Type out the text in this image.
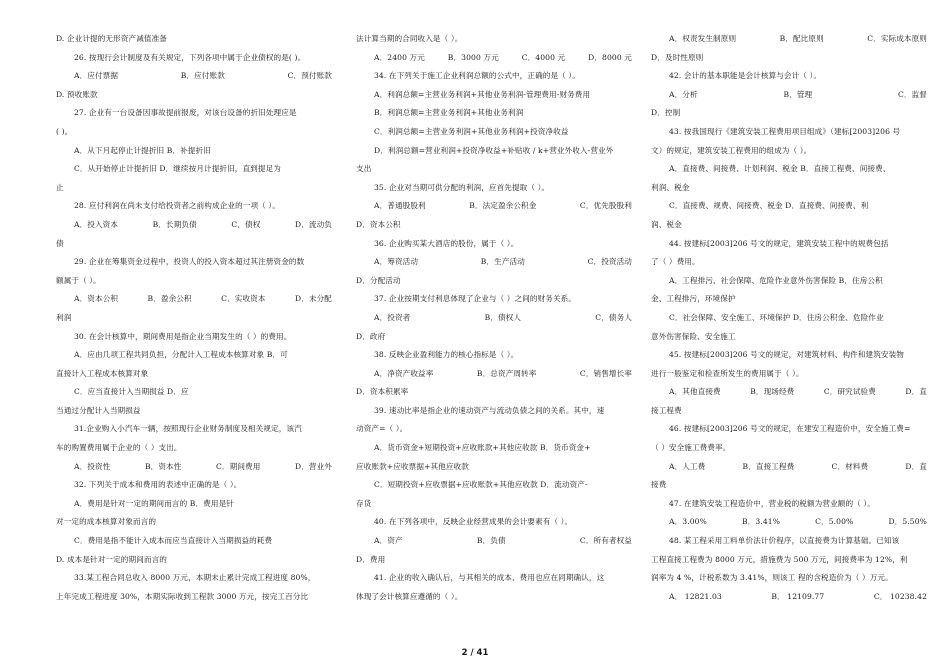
D. 企业计提的无形资产减值准备
26. 按现行会计制度及有关规定，下列各项中属于企业债权的是( )。
A．应付票据	B．应付账款	C．预付账款
D. 预收账款
27. 企业有一台设备因事故提前报废，对该台设备的折旧处理应是
( )。
A．从下月起停止计提折旧 B．补提折旧
C．从开始停止计提折旧 D．继续按月计提折旧，直到提足为
止
28. 应付利润在尚未支付给投资者之前构成企业的一项（ ）。
A．投入资本	B．长期负债	C．债权	D．流动负
债
29. 企业在筹集资金过程中，投资人的投入资本超过其注册资金的数
额属于（ ）。
A．资本公积	B．盈余公积	C．实收资本	D．未分配
利润
30. 在会计核算中，期间费用是指企业当期发生的（ ）的费用。
A．应由几项工程共同负担，分配计入工程成本核算对象 B．可
直接计入工程成本核算对象
C．应当直接计入当期损益 D．应
当通过分配计入当期损益
31.企业购入小汽车一辆，按照现行企业财务制度及相关规定，该汽
车的购置费用属于企业的（ ）支出。
A．投资性	B．资本性	C．期间费用	D．营业外
32. 下列关于成本和费用的表述中正确的是（ ）。
A．费用是针对一定的期间而言的 B．费用是针
对一定的成本核算对象而言的
C．费用是指不能计入成本而应当直接计入当期损益的耗费
D. 成本是针对一定的期间而言的
33.某工程合同总收入 8000 万元，本期末止累计完成工程进度 80%，
上年完成工程进度 30%，本期实际收到工程款 3000 万元，按完工百分比
法计算当期的合同收入是（ ）。
A．2400 万元	B．3000 万元	C．4000 元	D．8000 元
34. 在下列关于施工企业利润总额的公式中，正确的是（ ）。
A．利润总额=主营业务利润+其他业务利润-管理费用-财务费用
B．利润总额=主营业务利润+其他业务利润
C．利润总额=主营业务利润+其他业务利润+投资净收益
D．利润总额=营业利润+投资净收益+补贴收 / k+营业外收入-营业外
支出
35. 企业对当期可供分配的利润，应首先提取（ ）。
A．普通股股利	B．法定盈余公积金	C．优先股股利
D．资本公积
36. 企业购买某大酒店的股份，属于（ ）。
A．筹资活动	B．生产活动	C．投资活动
D．分配活动
37. 企业按期支付利息体现了企业与（ ）之间的财务关系。
A．投资者	B．债权人	C．债务人
D．政府
38. 反映企业盈利能力的核心指标是（ ）。
A．净资产收益率	B．总资产周转率	C．销售增长率
D．资本积累率
39. 速动比率是指企业的速动资产与流动负债之间的关系。其中，速
动资产=（ ）。
A．货币资金+短期投资+应收账款+其他应收款 B．货币资金+
应收账款+应收票据+其他应收款
C．短期投资+应收票据+应收账款+其他应收款 D．流动资产-
存货
40. 在下列各项中，反映企业经营成果的会计要素有（ ）。
A．资产	B．负债	C．所有者权益
D．费用
41. 企业的收入确认后，与其相关的成本、费用也应在同期确认，这
体现了会计核算应遵循的（ ）。
A．权责发生制原则	B．配比原则	C．实际成本原则
D．及时性原则
42. 会计的基本职能是会计核算与会计（ ）。
A．分析	B．管理	C．监督
D．控制
43. 按我国现行《建筑安装工程费用项目组成》（建标[2003]206 号
文）的规定，建筑安装工程费用的组成为（ ）。
A．直接费、间接费、计划利润、税金 B．直接工程费、间接费、
利润、税金
C．直接费、规费、间接费、税金 D．直接费、间接费、利
润、税金
44. 按建标[2003]206 号文的规定，建筑安装工程中的规费包括
了（ ）费用。
A．工程排污、社会保障、危险作业意外伤害保险 B．住房公积
金、工程排污，环境保护
C．社会保障、安全施工、环境保护 D．住房公积金、危险作业
意外伤害保险、安全施工
45. 按建标[2003]206 号文的规定，对建筑材料、构件和建筑安装物
进行一般鉴定和检查所发生的费用属于（ ）。
A．其他直接费	B．现场经费	C．研究试验费	D．直
接工程费
46. 按建标[2003]206 号文的规定，在建安工程造价中，安全施工费=
（ ）安全施工费费率。
A．人工费	B．直接工程费	C．材料费	D．直
接费
47. 在建筑安装工程造价中，营业税的税额为营业额的（ ）。
A．3.00%	B．3.41%	C．5.00%	D．5.50%
48. 某工程采用工料单价法计价程序，以直接费为计算基础。已知该
工程直接工程费为 8000 万元，措施费为 500 万元，间接费率为 12%，利
润率为 4 %，计税系数为 3.41%，则该工 程的含税造价为（ ）万元。
A． 12821.03	B． 12109.77	C． 10238.42
2 / 41
